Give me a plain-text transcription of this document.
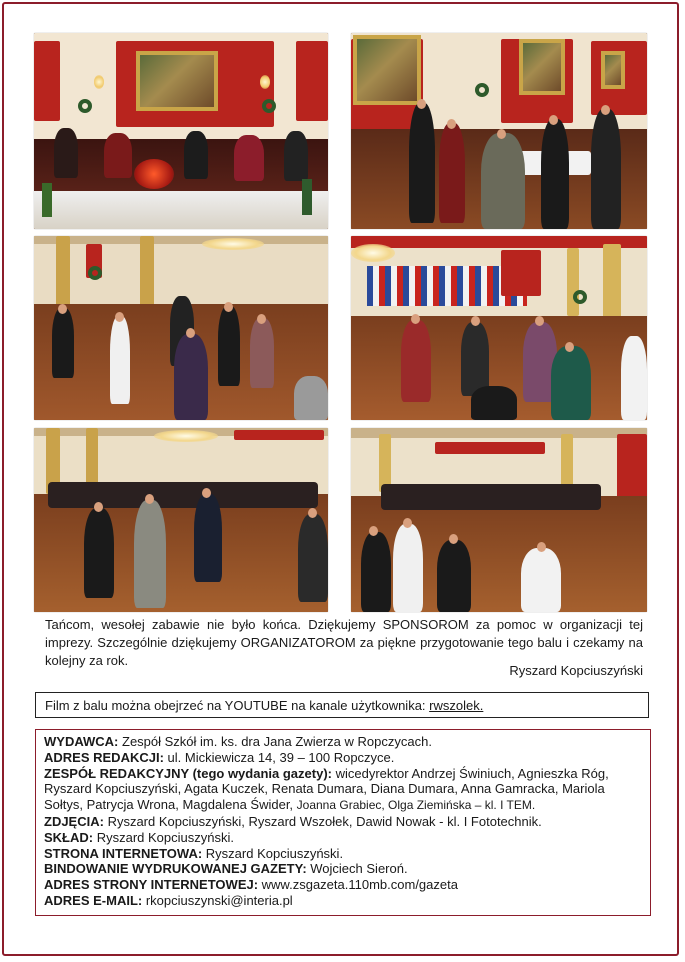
Tańcom, wesołej zabawie nie było końca. Dziękujemy SPONSOROM za pomoc w organizacji tej imprezy. Szczególnie dziękujemy ORGANIZATOROM za piękne przygotowanie tego balu i czekamy na kolejny za rok.

Ryszard Kopciuszyński

Film z balu można obejrzeć na YOUTUBE na kanale użytkownika: rwszolek.

WYDAWCA: Zespół Szkół im. ks. dra Jana Zwierza w Ropczycach.

ADRES REDAKCJI: ul. Mickiewicza 14, 39 – 100 Ropczyce.

ZESPÓŁ REDAKCYJNY (tego wydania gazety): wicedyrektor Andrzej Świniuch, Agnieszka Róg, Ryszard Kopciuszyński, Agata Kuczek, Renata Dumara, Diana Dumara, Anna Gamracka, Mariola Sołtys, Patrycja Wrona, Magdalena Świder, Joanna Grabiec, Olga Ziemińska – kl. I TEM.

ZDJĘCIA: Ryszard Kopciuszyński, Ryszard Wszołek, Dawid Nowak - kl. I Fototechnik.

SKŁAD: Ryszard Kopciuszyński.

STRONA INTERNETOWA: Ryszard Kopciuszyński.

BINDOWANIE WYDRUKOWANEJ GAZETY: Wojciech Sieroń.

ADRES STRONY INTERNETOWEJ: www.zsgazeta.110mb.com/gazeta

ADRES E-MAIL: rkopciuszynski@interia.pl
